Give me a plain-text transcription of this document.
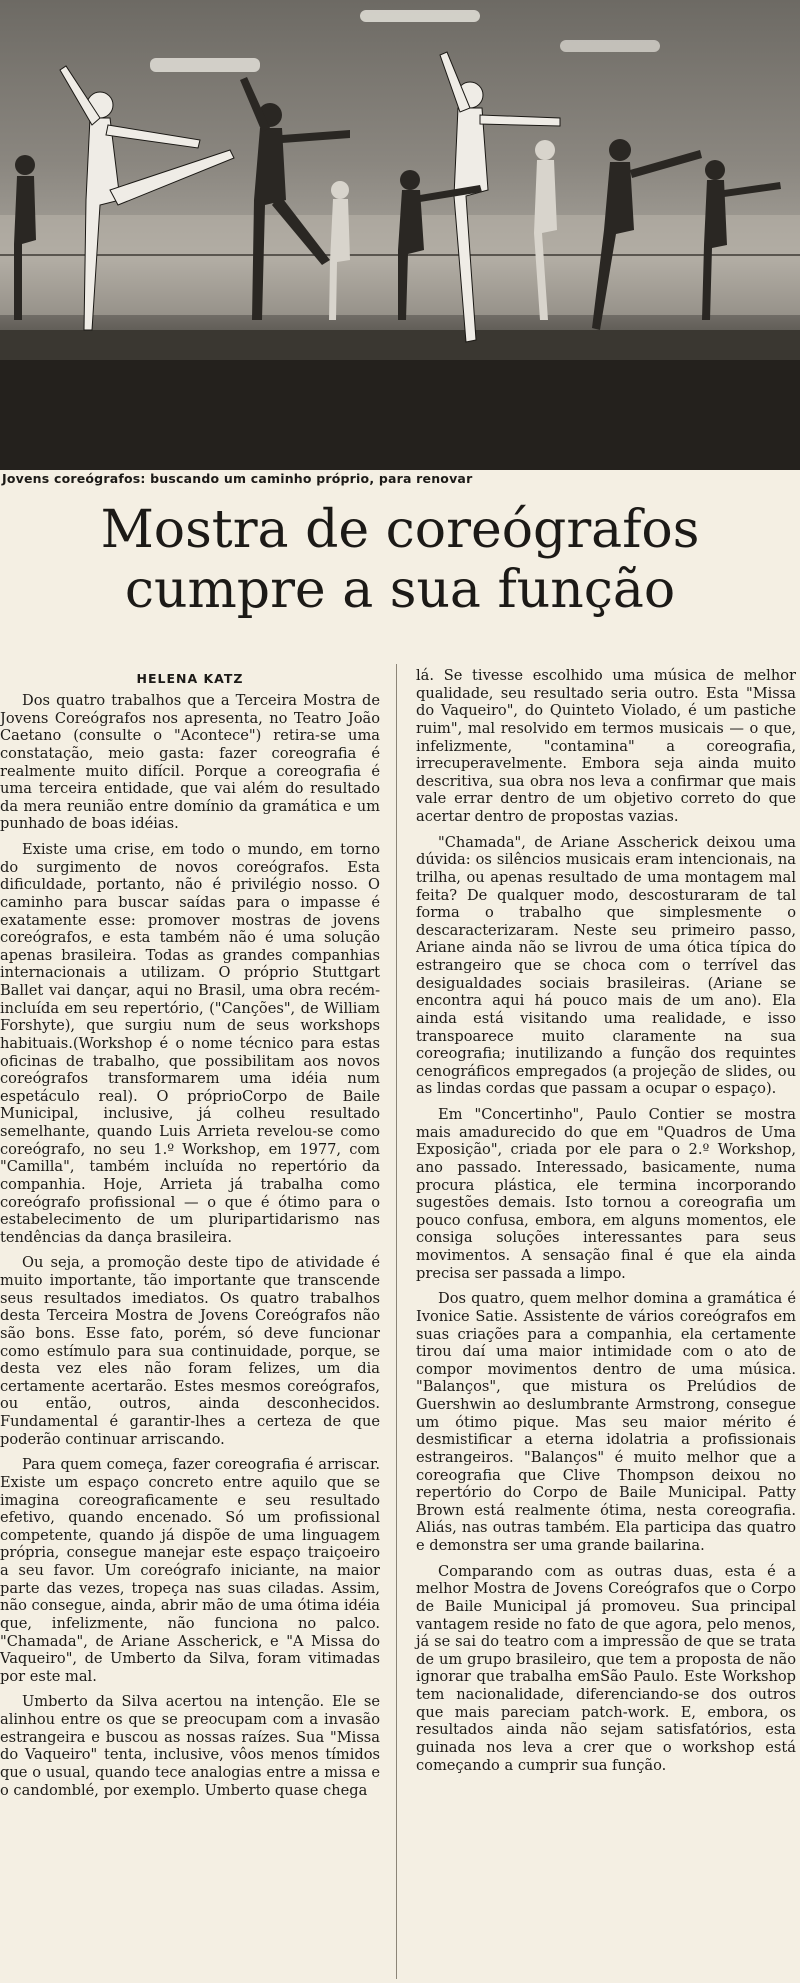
Jovens coreógrafos: buscando um caminho próprio, para renovar
Mostra de coreógrafos
cumpre a sua função
HELENA KATZ

Dos quatro trabalhos que a Terceira Mostra de Jovens Coreógrafos nos apresenta, no Teatro João Caetano (consulte o "Acontece") retira-se uma constatação, meio gasta: fazer coreografia é realmente muito difícil. Porque a coreografia é uma terceira entidade, que vai além do resultado da mera reunião entre domínio da gramática e um punhado de boas idéias.

Existe uma crise, em todo o mundo, em torno do surgimento de novos coreógrafos. Esta dificuldade, portanto, não é privilégio nosso. O caminho para buscar saídas para o impasse é exatamente esse: promover mostras de jovens coreógrafos, e esta também não é uma solução apenas brasileira. Todas as grandes companhias internacionais a utilizam. O próprio Stuttgart Ballet vai dançar, aqui no Brasil, uma obra recém-incluída em seu repertório, ("Canções", de William Forshyte), que surgiu num de seus workshops habituais.(Workshop é o nome técnico para estas oficinas de trabalho, que possibilitam aos novos coreógrafos transformarem uma idéia num espetáculo real). O próprioCorpo de Baile Municipal, inclusive, já colheu resultado semelhante, quando Luis Arrieta revelou-se como coreógrafo, no seu 1.º Workshop, em 1977, com "Camilla", também incluída no repertório da companhia. Hoje, Arrieta já trabalha como coreógrafo profissional — o que é ótimo para o estabelecimento de um pluripartidarismo nas tendências da dança brasileira.

Ou seja, a promoção deste tipo de atividade é muito importante, tão importante que transcende seus resultados imediatos. Os quatro trabalhos desta Terceira Mostra de Jovens Coreógrafos não são bons. Esse fato, porém, só deve funcionar como estímulo para sua continuidade, porque, se desta vez eles não foram felizes, um dia certamente acertarão. Estes mesmos coreógrafos, ou então, outros, ainda desconhecidos. Fundamental é garantir-lhes a certeza de que poderão continuar arriscando.

Para quem começa, fazer coreografia é arriscar. Existe um espaço concreto entre aquilo que se imagina coreograficamente e seu resultado efetivo, quando encenado. Só um profissional competente, quando já dispõe de uma linguagem própria, consegue manejar este espaço traiçoeiro a seu favor. Um coreógrafo iniciante, na maior parte das vezes, tropeça nas suas ciladas. Assim, não consegue, ainda, abrir mão de uma ótima idéia que, infelizmente, não funciona no palco. "Chamada", de Ariane Asscherick, e "A Missa do Vaqueiro", de Umberto da Silva, foram vitimadas por este mal.

Umberto da Silva acertou na intenção. Ele se alinhou entre os que se preocupam com a invasão estrangeira e buscou as nossas raízes. Sua "Missa do Vaqueiro" tenta, inclusive, vôos menos tímidos que o usual, quando tece analogias entre a missa e o candomblé, por exemplo. Umberto quase chega

lá. Se tivesse escolhido uma música de melhor qualidade, seu resultado seria outro. Esta "Missa do Vaqueiro", do Quinteto Violado, é um pastiche ruim", mal resolvido em termos musicais — o que, infelizmente, "contamina" a coreografia, irrecuperavelmente. Embora seja ainda muito descritiva, sua obra nos leva a confirmar que mais vale errar dentro de um objetivo correto do que acertar dentro de propostas vazias.

"Chamada", de Ariane Asscherick deixou uma dúvida: os silêncios musicais eram intencionais, na trilha, ou apenas resultado de uma montagem mal feita? De qualquer modo, descosturaram de tal forma o trabalho que simplesmente o descaracterizaram. Neste seu primeiro passo, Ariane ainda não se livrou de uma ótica típica do estrangeiro que se choca com o terrível das desigualdades sociais brasileiras. (Ariane se encontra aqui há pouco mais de um ano). Ela ainda está visitando uma realidade, e isso transpoarece muito claramente na sua coreografia; inutilizando a função dos requintes cenográficos empregados (a projeção de slides, ou as lindas cordas que passam a ocupar o espaço).

Em "Concertinho", Paulo Contier se mostra mais amadurecido do que em "Quadros de Uma Exposição", criada por ele para o 2.º Workshop, ano passado. Interessado, basicamente, numa procura plástica, ele termina incorporando sugestões demais. Isto tornou a coreografia um pouco confusa, embora, em alguns momentos, ele consiga soluções interessantes para seus movimentos. A sensação final é que ela ainda precisa ser passada a limpo.

Dos quatro, quem melhor domina a gramática é Ivonice Satie. Assistente de vários coreógrafos em suas criações para a companhia, ela certamente tirou daí uma maior intimidade com o ato de compor movimentos dentro de uma música. "Balanços", que mistura os Prelúdios de Guershwin ao deslumbrante Armstrong, consegue um ótimo pique. Mas seu maior mérito é desmistificar a eterna idolatria a profissionais estrangeiros. "Balanços" é muito melhor que a coreografia que Clive Thompson deixou no repertório do Corpo de Baile Municipal. Patty Brown está realmente ótima, nesta coreografia. Aliás, nas outras também. Ela participa das quatro e demonstra ser uma grande bailarina.

Comparando com as outras duas, esta é a melhor Mostra de Jovens Coreógrafos que o Corpo de Baile Municipal já promoveu. Sua principal vantagem reside no fato de que agora, pelo menos, já se sai do teatro com a impressão de que se trata de um grupo brasileiro, que tem a proposta de não ignorar que trabalha emSão Paulo. Este Workshop tem nacionalidade, diferenciando-se dos outros que mais pareciam patch-work. E, embora, os resultados ainda não sejam satisfatórios, esta guinada nos leva a crer que o workshop está começando a cumprir sua função.
